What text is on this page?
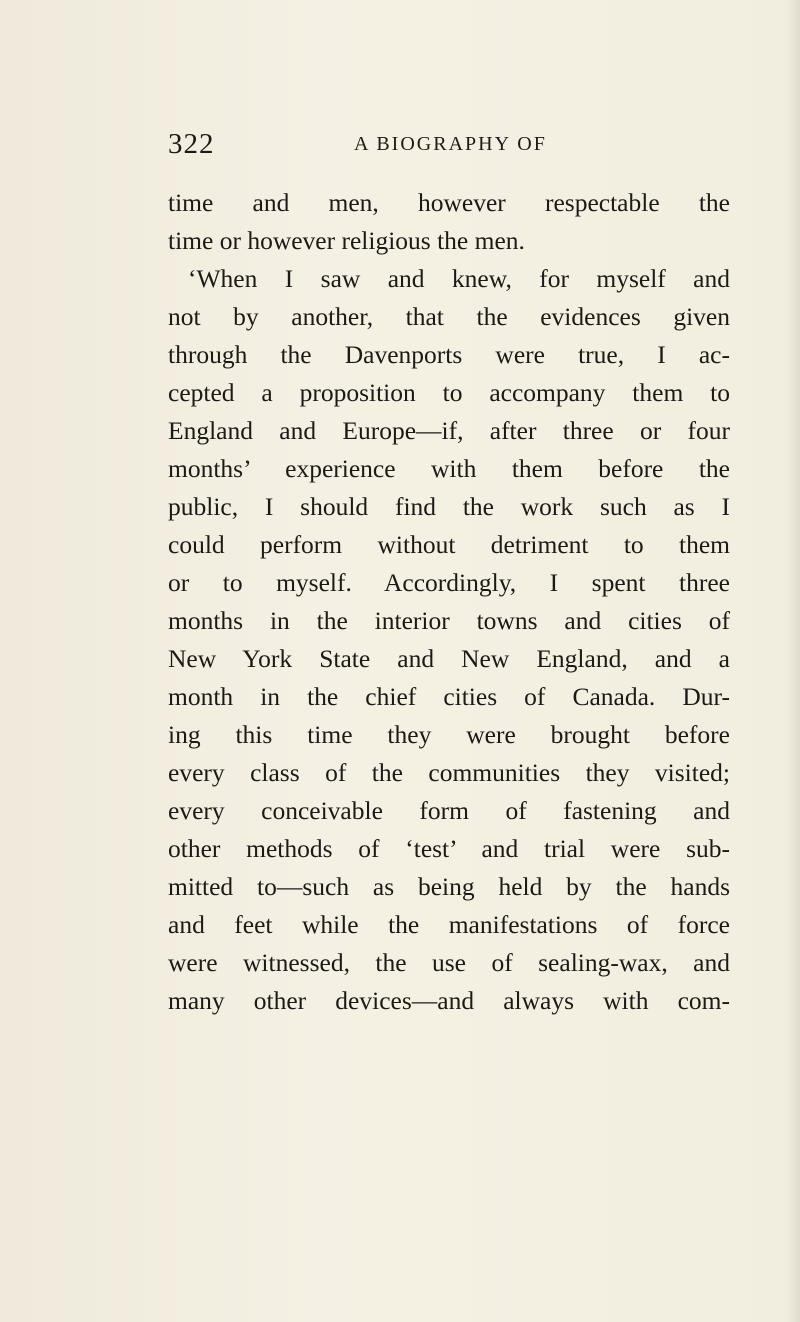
322	A BIOGRAPHY OF
time and men, however respectable the
time or however religious the men.
‘When I saw and knew, for myself and
not by another, that the evidences given
through the Davenports were true, I ac-
cepted a proposition to accompany them to
England and Europe—if, after three or four
months’ experience with them before the
public, I should find the work such as I
could perform without detriment to them
or to myself. Accordingly, I spent three
months in the interior towns and cities of
New York State and New England, and a
month in the chief cities of Canada. Dur-
ing this time they were brought before
every class of the communities they visited;
every conceivable form of fastening and
other methods of ‘test’ and trial were sub-
mitted to—such as being held by the hands
and feet while the manifestations of force
were witnessed, the use of sealing-wax, and
many other devices—and always with com-
